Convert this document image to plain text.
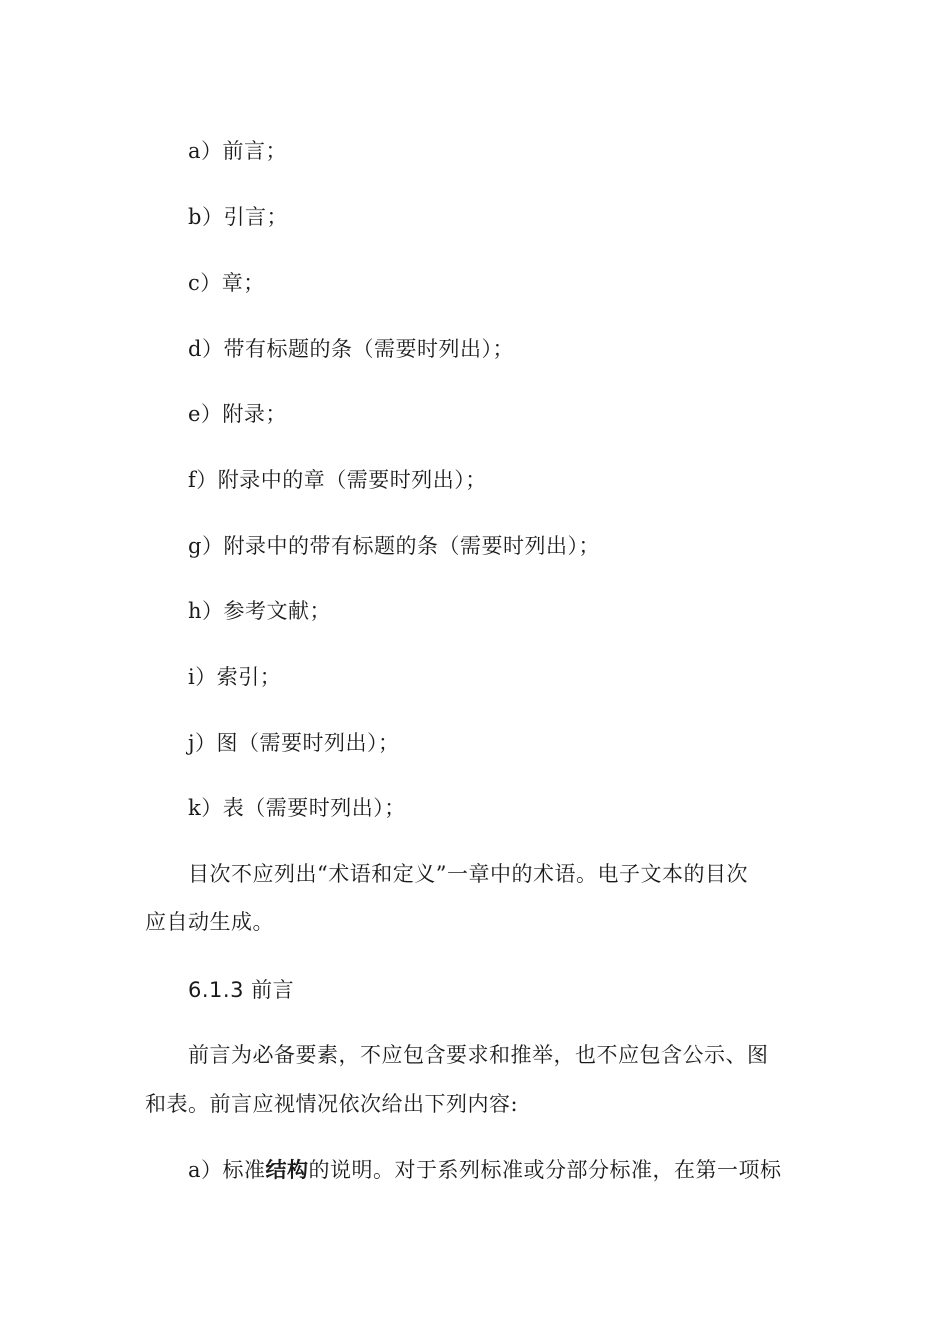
a）前言；
b）引言；
c）章；
d）带有标题的条（需要时列出）；
e）附录；
f）附录中的章（需要时列出）；
g）附录中的带有标题的条（需要时列出）；
h）参考文献；
i）索引；
j）图（需要时列出）；
k）表（需要时列出）；
　　目次不应列出“术语和定义”一章中的术语。电子文本的目次
应自动生成。
6.1.3 前言
　　前言为必备要素，不应包含要求和推举，也不应包含公示、图
和表。前言应视情况依次给出下列内容:
a）标准结构的说明。对于系列标准或分部分标准，在第一项标
